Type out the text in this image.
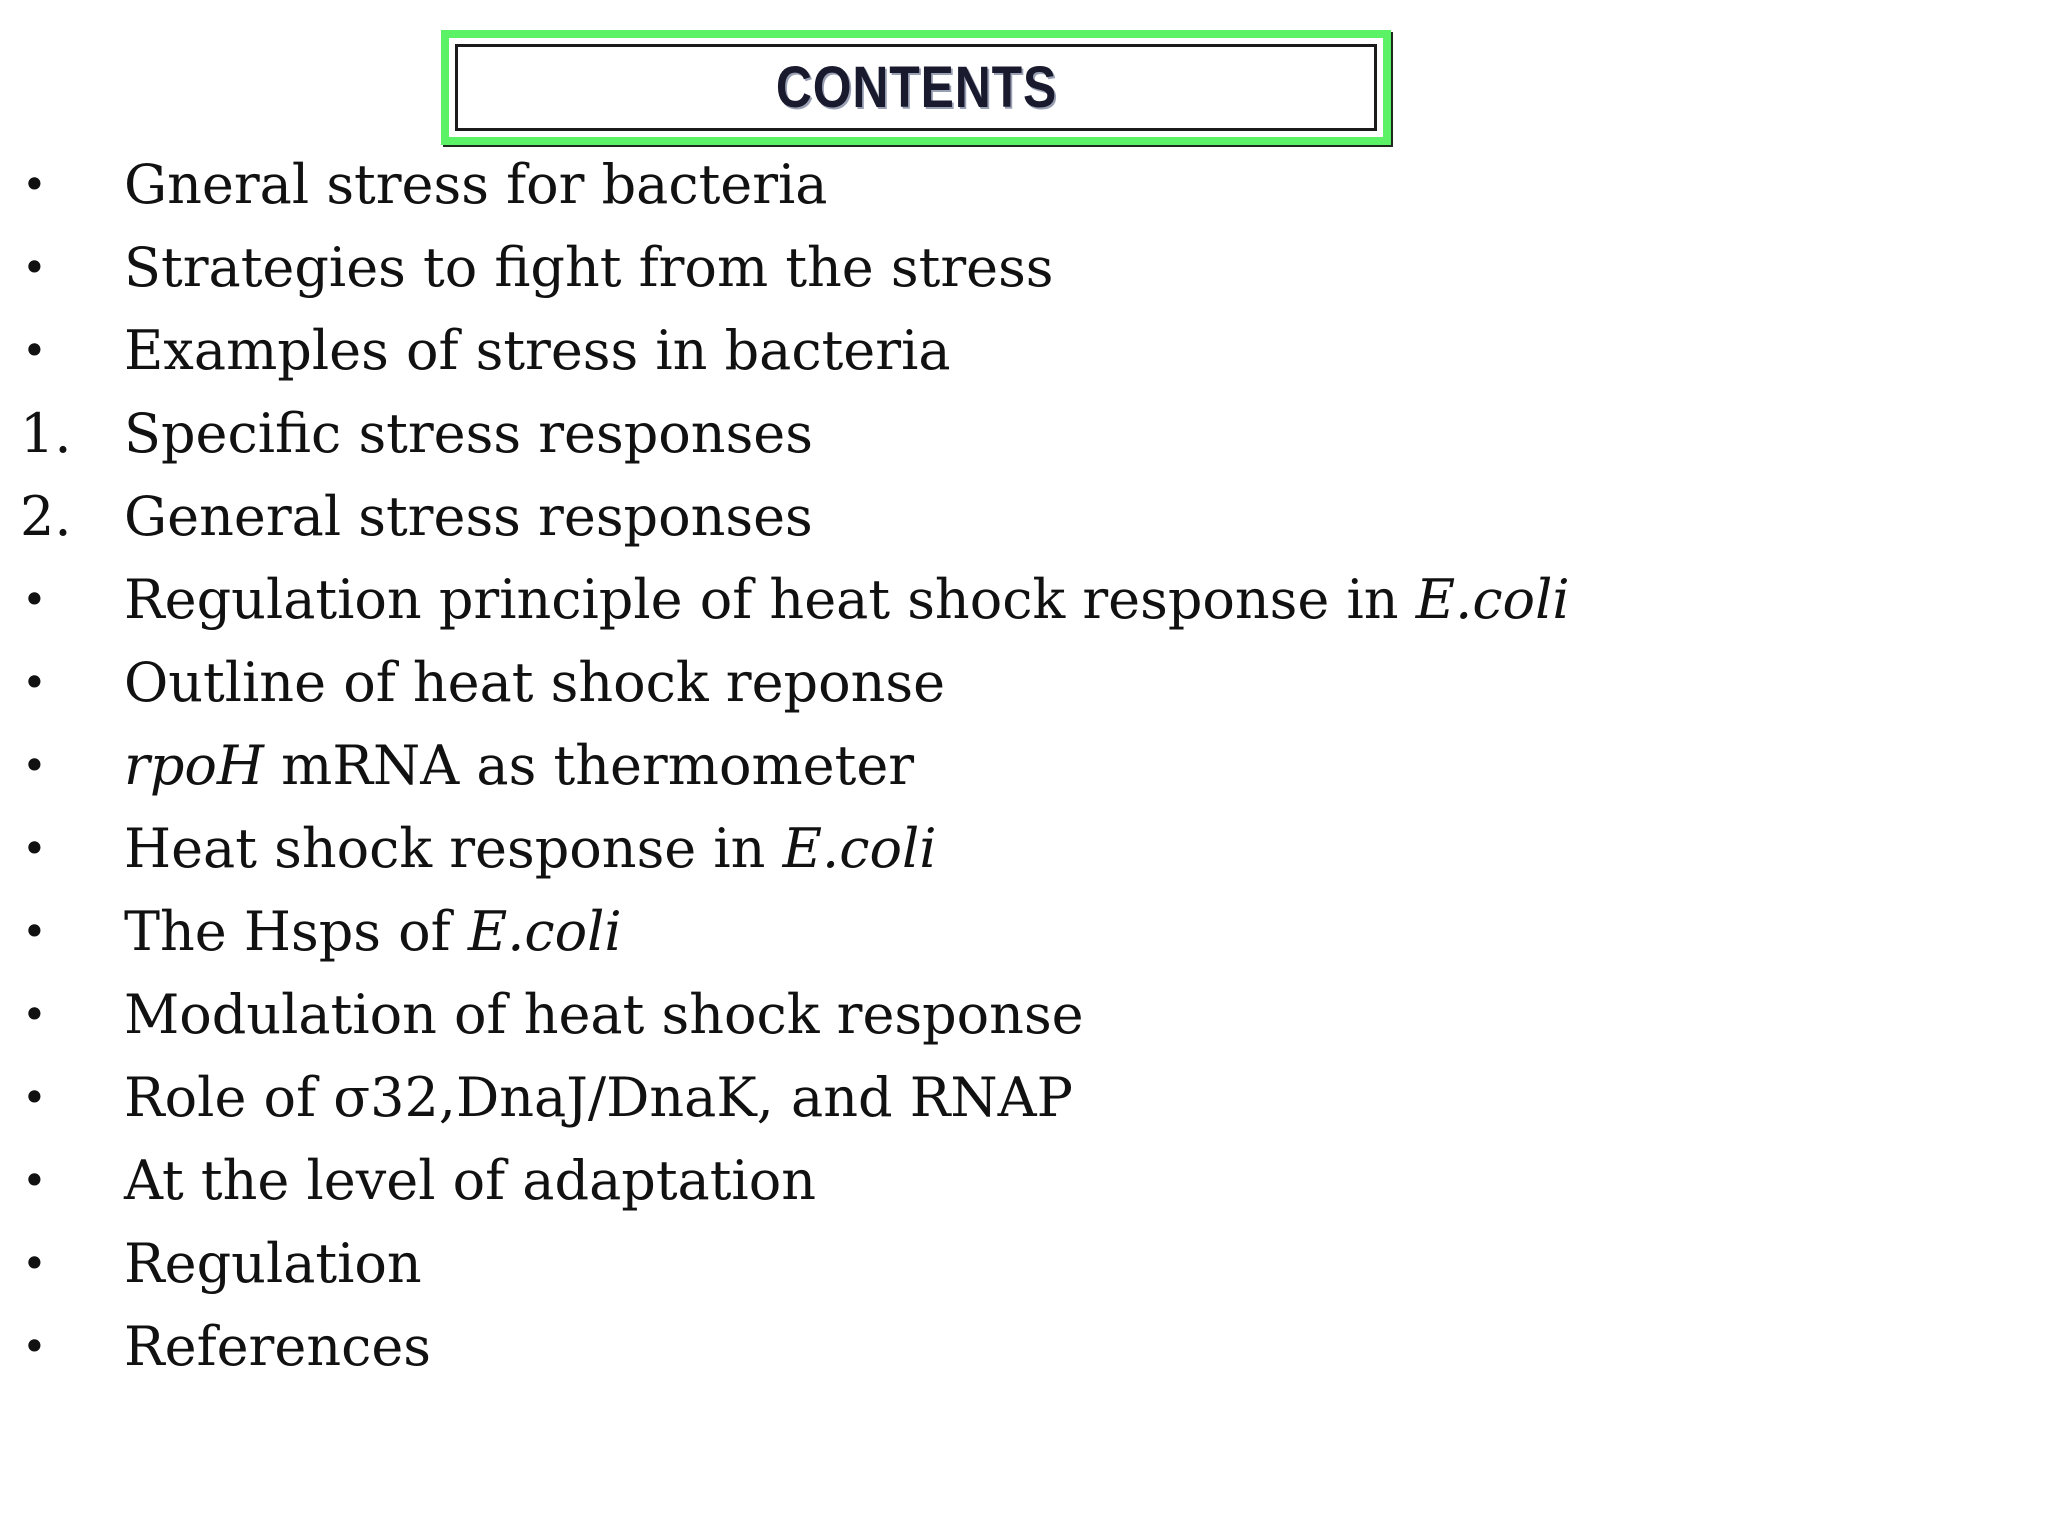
CONTENTS
•	Gneral stress for bacteria
•	Strategies to fight from the stress
•	Examples of stress in bacteria
1. Specific stress responses
2. General stress responses
•	Regulation principle of heat shock response in E.coli
•	Outline of heat shock reponse
•	rpoH mRNA as thermometer
•	Heat shock response in E.coli
•	The Hsps of E.coli
•	Modulation of heat shock response
•	Role of σ32,DnaJ/DnaK, and RNAP
•	At the level of adaptation
•	Regulation
•	References
